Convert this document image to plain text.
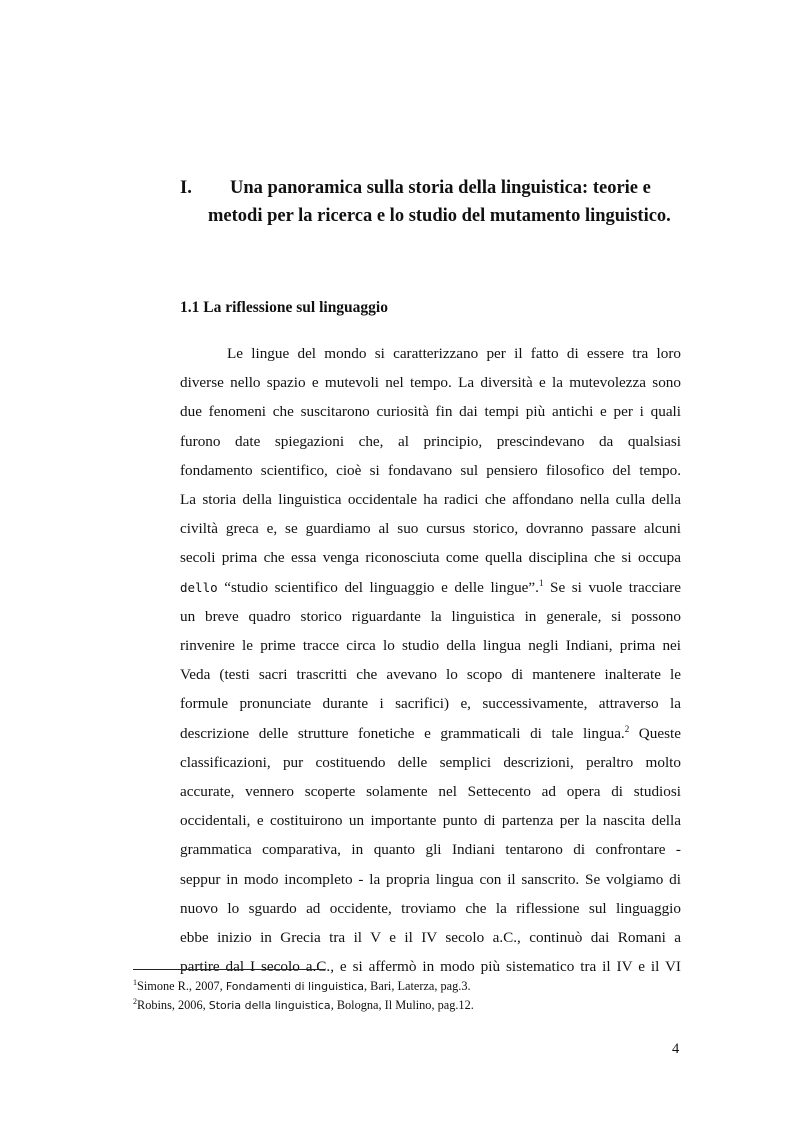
I. Una panoramica sulla storia della linguistica: teorie e
metodi per la ricerca e lo studio del mutamento linguistico.
1.1 La riflessione sul linguaggio
Le lingue del mondo si caratterizzano per il fatto di essere tra loro
diverse nello spazio e mutevoli nel tempo. La diversità e la mutevolezza sono
due fenomeni che suscitarono curiosità fin dai tempi più antichi e per i quali
furono date spiegazioni che, al principio, prescindevano da qualsiasi
fondamento scientifico, cioè si fondavano sul pensiero filosofico del tempo.
La storia della linguistica occidentale ha radici che affondano nella culla della
civiltà greca e, se guardiamo al suo cursus storico, dovranno passare alcuni
secoli prima che essa venga riconosciuta come quella disciplina che si occupa
dello “studio scientifico del linguaggio e delle lingue”.$^1$ Se si vuole tracciare
un breve quadro storico riguardante la linguistica in generale, si possono
rinvenire le prime tracce circa lo studio della lingua negli Indiani, prima nei
Veda (testi sacri trascritti che avevano lo scopo di mantenere inalterate le
formule pronunciate durante i sacrifici) e, successivamente, attraverso la
descrizione delle strutture fonetiche e grammaticali di tale lingua.$^2$ Queste
classificazioni, pur costituendo delle semplici descrizioni, peraltro molto
accurate, vennero scoperte solamente nel Settecento ad opera di studiosi
occidentali, e costituirono un importante punto di partenza per la nascita della
grammatica comparativa, in quanto gli Indiani tentarono di confrontare -
seppur in modo incompleto - la propria lingua con il sanscrito. Se volgiamo di
nuovo lo sguardo ad occidente, troviamo che la riflessione sul linguaggio
ebbe inizio in Grecia tra il V e il IV secolo a.C., continuò dai Romani a
partire dal I secolo a.C., e si affermò in modo più sistematico tra il IV e il VI
$^1$Simone R., 2007, Fondamenti di linguistica, Bari, Laterza, pag.3.
$^2$Robins, 2006, Storia della linguistica, Bologna, Il Mulino, pag.12.
4
